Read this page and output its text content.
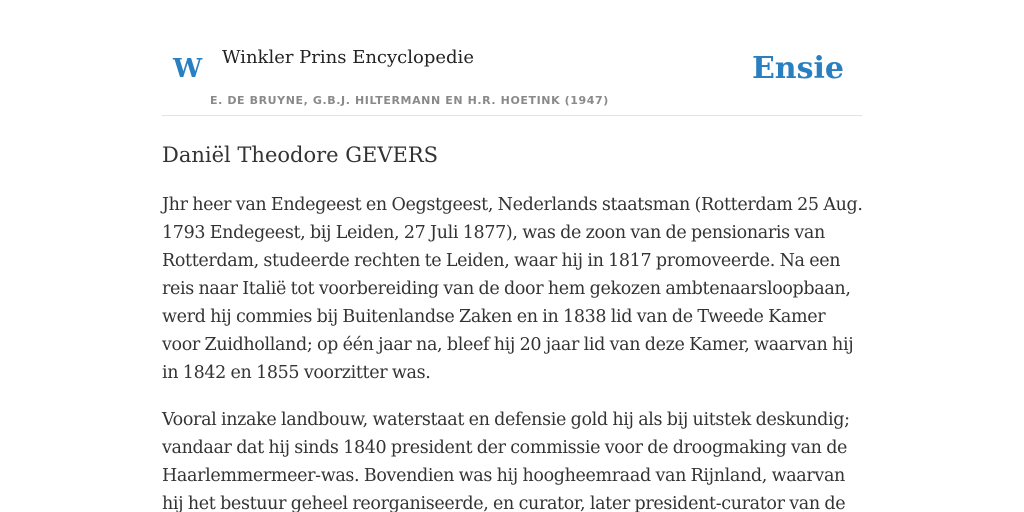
W Winkler Prins Encyclopedie
E. DE BRUYNE, G.B.J. HILTERMANN EN H.R. HOETINK (1947)
Ensie
Daniël Theodore GEVERS

Jhr heer van Endegeest en Oegstgeest, Nederlands staatsman (Rotterdam 25 Aug. 1793 Endegeest, bij Leiden, 27 Juli 1877), was de zoon van de pensionaris van Rotterdam, studeerde rechten te Leiden, waar hij in 1817 promoveerde. Na een reis naar Italië tot voorbereiding van de door hem gekozen ambtenaarsloopbaan, werd hij commies bij Buitenlandse Zaken en in 1838 lid van de Tweede Kamer voor Zuidholland; op één jaar na, bleef hij 20 jaar lid van deze Kamer, waarvan hij in 1842 en 1855 voorzitter was.

Vooral inzake landbouw, waterstaat en defensie gold hij als bij uitstek deskundig; vandaar dat hij sinds 1840 president der commissie voor de droogmaking van de Haarlemmermeer-was. Bovendien was hij hoogheemraad van Rijnland, waarvan hij het bestuur geheel reorganiseerde, en curator, later president-curator van de
